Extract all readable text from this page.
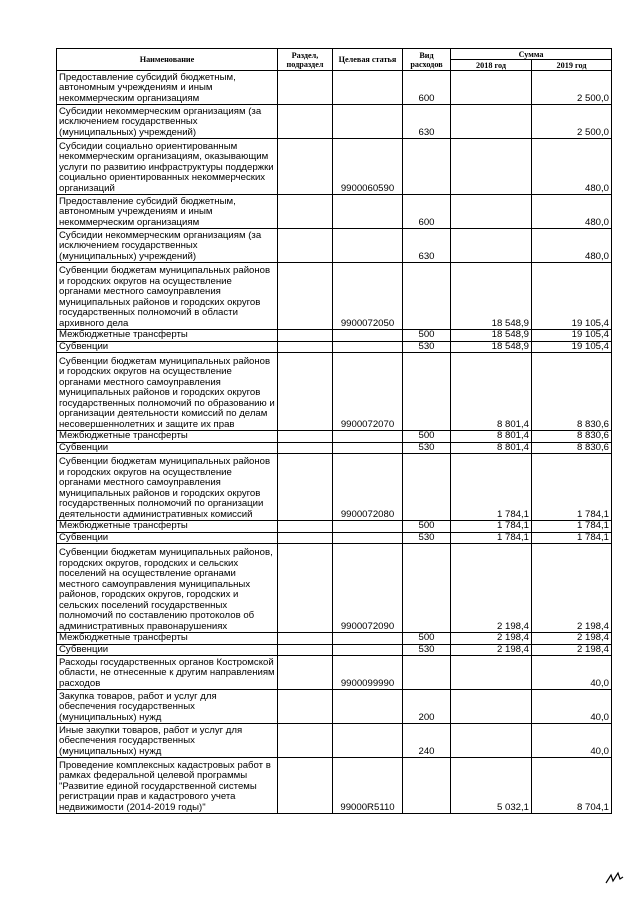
Наименование	Раздел, подраздел	Целевая статья	Вид расходов	Сумма	
				2018 год	2019 год
Предоставление субсидий бюджетным, автономным учреждениям и иным некоммерческим организациям			600		2 500,0
Субсидии некоммерческим организациям (за исключением государственных (муниципальных) учреждений)			630		2 500,0
Субсидии социально ориентированным некоммерческим организациям, оказывающим услуги по развитию инфраструктуры поддержки социально ориентированных некоммерческих организаций		9900060590			480,0
Предоставление субсидий бюджетным, автономным учреждениям и иным некоммерческим организациям			600		480,0
Субсидии некоммерческим организациям (за исключением государственных (муниципальных) учреждений)			630		480,0
Субвенции бюджетам муниципальных районов и городских округов на осуществление органами местного самоуправления муниципальных районов и городских округов государственных полномочий в области архивного дела		9900072050		18 548,9	19 105,4
Межбюджетные трансферты			500	18 548,9	19 105,4
Субвенции			530	18 548,9	19 105,4
Субвенции бюджетам муниципальных районов и городских округов на осуществление органами местного самоуправления муниципальных районов и городских округов государственных полномочий по образованию и организации деятельности комиссий по делам несовершеннолетних и защите их прав		9900072070		8 801,4	8 830,6
Межбюджетные трансферты			500	8 801,4	8 830,6
Субвенции			530	8 801,4	8 830,6
Субвенции бюджетам муниципальных районов и городских округов на осуществление органами местного самоуправления муниципальных районов и городских округов государственных полномочий по организации деятельности административных комиссий		9900072080		1 784,1	1 784,1
Межбюджетные трансферты			500	1 784,1	1 784,1
Субвенции			530	1 784,1	1 784,1
Субвенции бюджетам муниципальных районов, городских округов, городских и сельских поселений на осуществление органами местного самоуправления муниципальных районов, городских округов, городских и сельских поселений государственных полномочий по составлению протоколов об административных правонарушениях		9900072090		2 198,4	2 198,4
Межбюджетные трансферты			500	2 198,4	2 198,4
Субвенции			530	2 198,4	2 198,4
Расходы государственных органов Костромской области, не отнесенные к другим направлениям расходов		9900099990			40,0
Закупка товаров, работ и услуг для обеспечения государственных (муниципальных) нужд			200		40,0
Иные закупки товаров, работ и услуг для обеспечения государственных (муниципальных) нужд			240		40,0
Проведение комплексных кадастровых работ в рамках федеральной целевой программы "Развитие единой государственной системы регистрации прав и кадастрового учета недвижимости (2014-2019 годы)"		99000R5110		5 032,1	8 704,1
